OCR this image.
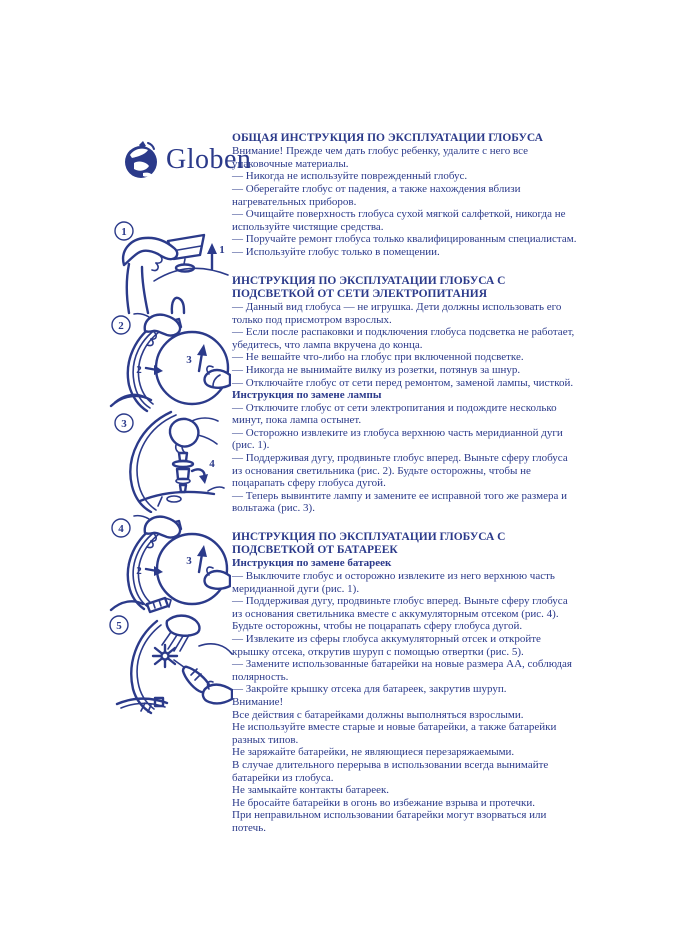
Globen
1
1
2
2
3
3
4
4
2
3
5
ОБЩАЯ ИНСТРУКЦИЯ ПО ЭКСПЛУАТАЦИИ ГЛОБУСА

Внимание! Прежде чем дать глобус ребенку, удалите с него все упаковочные материалы.

— Никогда не используйте поврежденный глобус.

— Оберегайте глобус от падения, а также нахождения вблизи нагревательных приборов.

— Очищайте поверхность глобуса сухой мягкой салфеткой, никогда не используйте чистящие средства.

— Поручайте ремонт глобуса только квалифицированным специалистам.

— Используйте глобус только в помещении.

ИНСТРУКЦИЯ ПО ЭКСПЛУАТАЦИИ ГЛОБУСА С ПОДСВЕТКОЙ ОТ СЕТИ ЭЛЕКТРОПИТАНИЯ

— Данный вид глобуса — не игрушка. Дети должны использовать его только под присмотром взрослых.

— Если после распаковки и подключения глобуса подсветка не работает, убедитесь, что лампа вкручена до конца.

— Не вешайте что-либо на глобус при включенной подсветке.

— Никогда не вынимайте вилку из розетки, потянув за шнур.

— Отключайте глобус от сети перед ремонтом, заменой лампы, чисткой.

Инструкция по замене лампы

— Отключите глобус от сети электропитания и подождите несколько минут, пока лампа остынет.

— Осторожно извлеките из глобуса верхнюю часть меридианной дуги (рис. 1).

— Поддерживая дугу, продвиньте глобус вперед. Выньте сферу глобуса из основания светильника (рис. 2). Будьте осторожны, чтобы не поцарапать сферу глобуса дугой.

— Теперь вывинтите лампу и замените ее исправной того же размера и вольтажа (рис. 3).

ИНСТРУКЦИЯ ПО ЭКСПЛУАТАЦИИ ГЛОБУСА С ПОДСВЕТКОЙ ОТ БАТАРЕЕК
Инструкция по замене батареек

— Выключите глобус и осторожно извлеките из него верхнюю часть меридианной дуги (рис. 1).

— Поддерживая дугу, продвиньте глобус вперед. Выньте сферу глобуса из основания светильника вместе с аккумуляторным отсеком (рис. 4). Будьте осторожны, чтобы не поцарапать сферу глобуса дугой.

— Извлеките из сферы глобуса аккумуляторный отсек и откройте крышку отсека, открутив шуруп с помощью отвертки (рис. 5).

— Замените использованные батарейки на новые размера АА, соблюдая полярность.

— Закройте крышку отсека для батареек, закрутив шуруп.

Внимание!

Все действия с батарейками должны выполняться взрослыми.

Не используйте вместе старые и новые батарейки, а также батарейки разных типов.

Не заряжайте батарейки, не являющиеся перезаряжаемыми.

В случае длительного перерыва в использовании всегда вынимайте батарейки из глобуса.

Не замыкайте контакты батареек.

Не бросайте батарейки в огонь во избежание взрыва и протечки.

При неправильном использовании батарейки могут взорваться или потечь.
